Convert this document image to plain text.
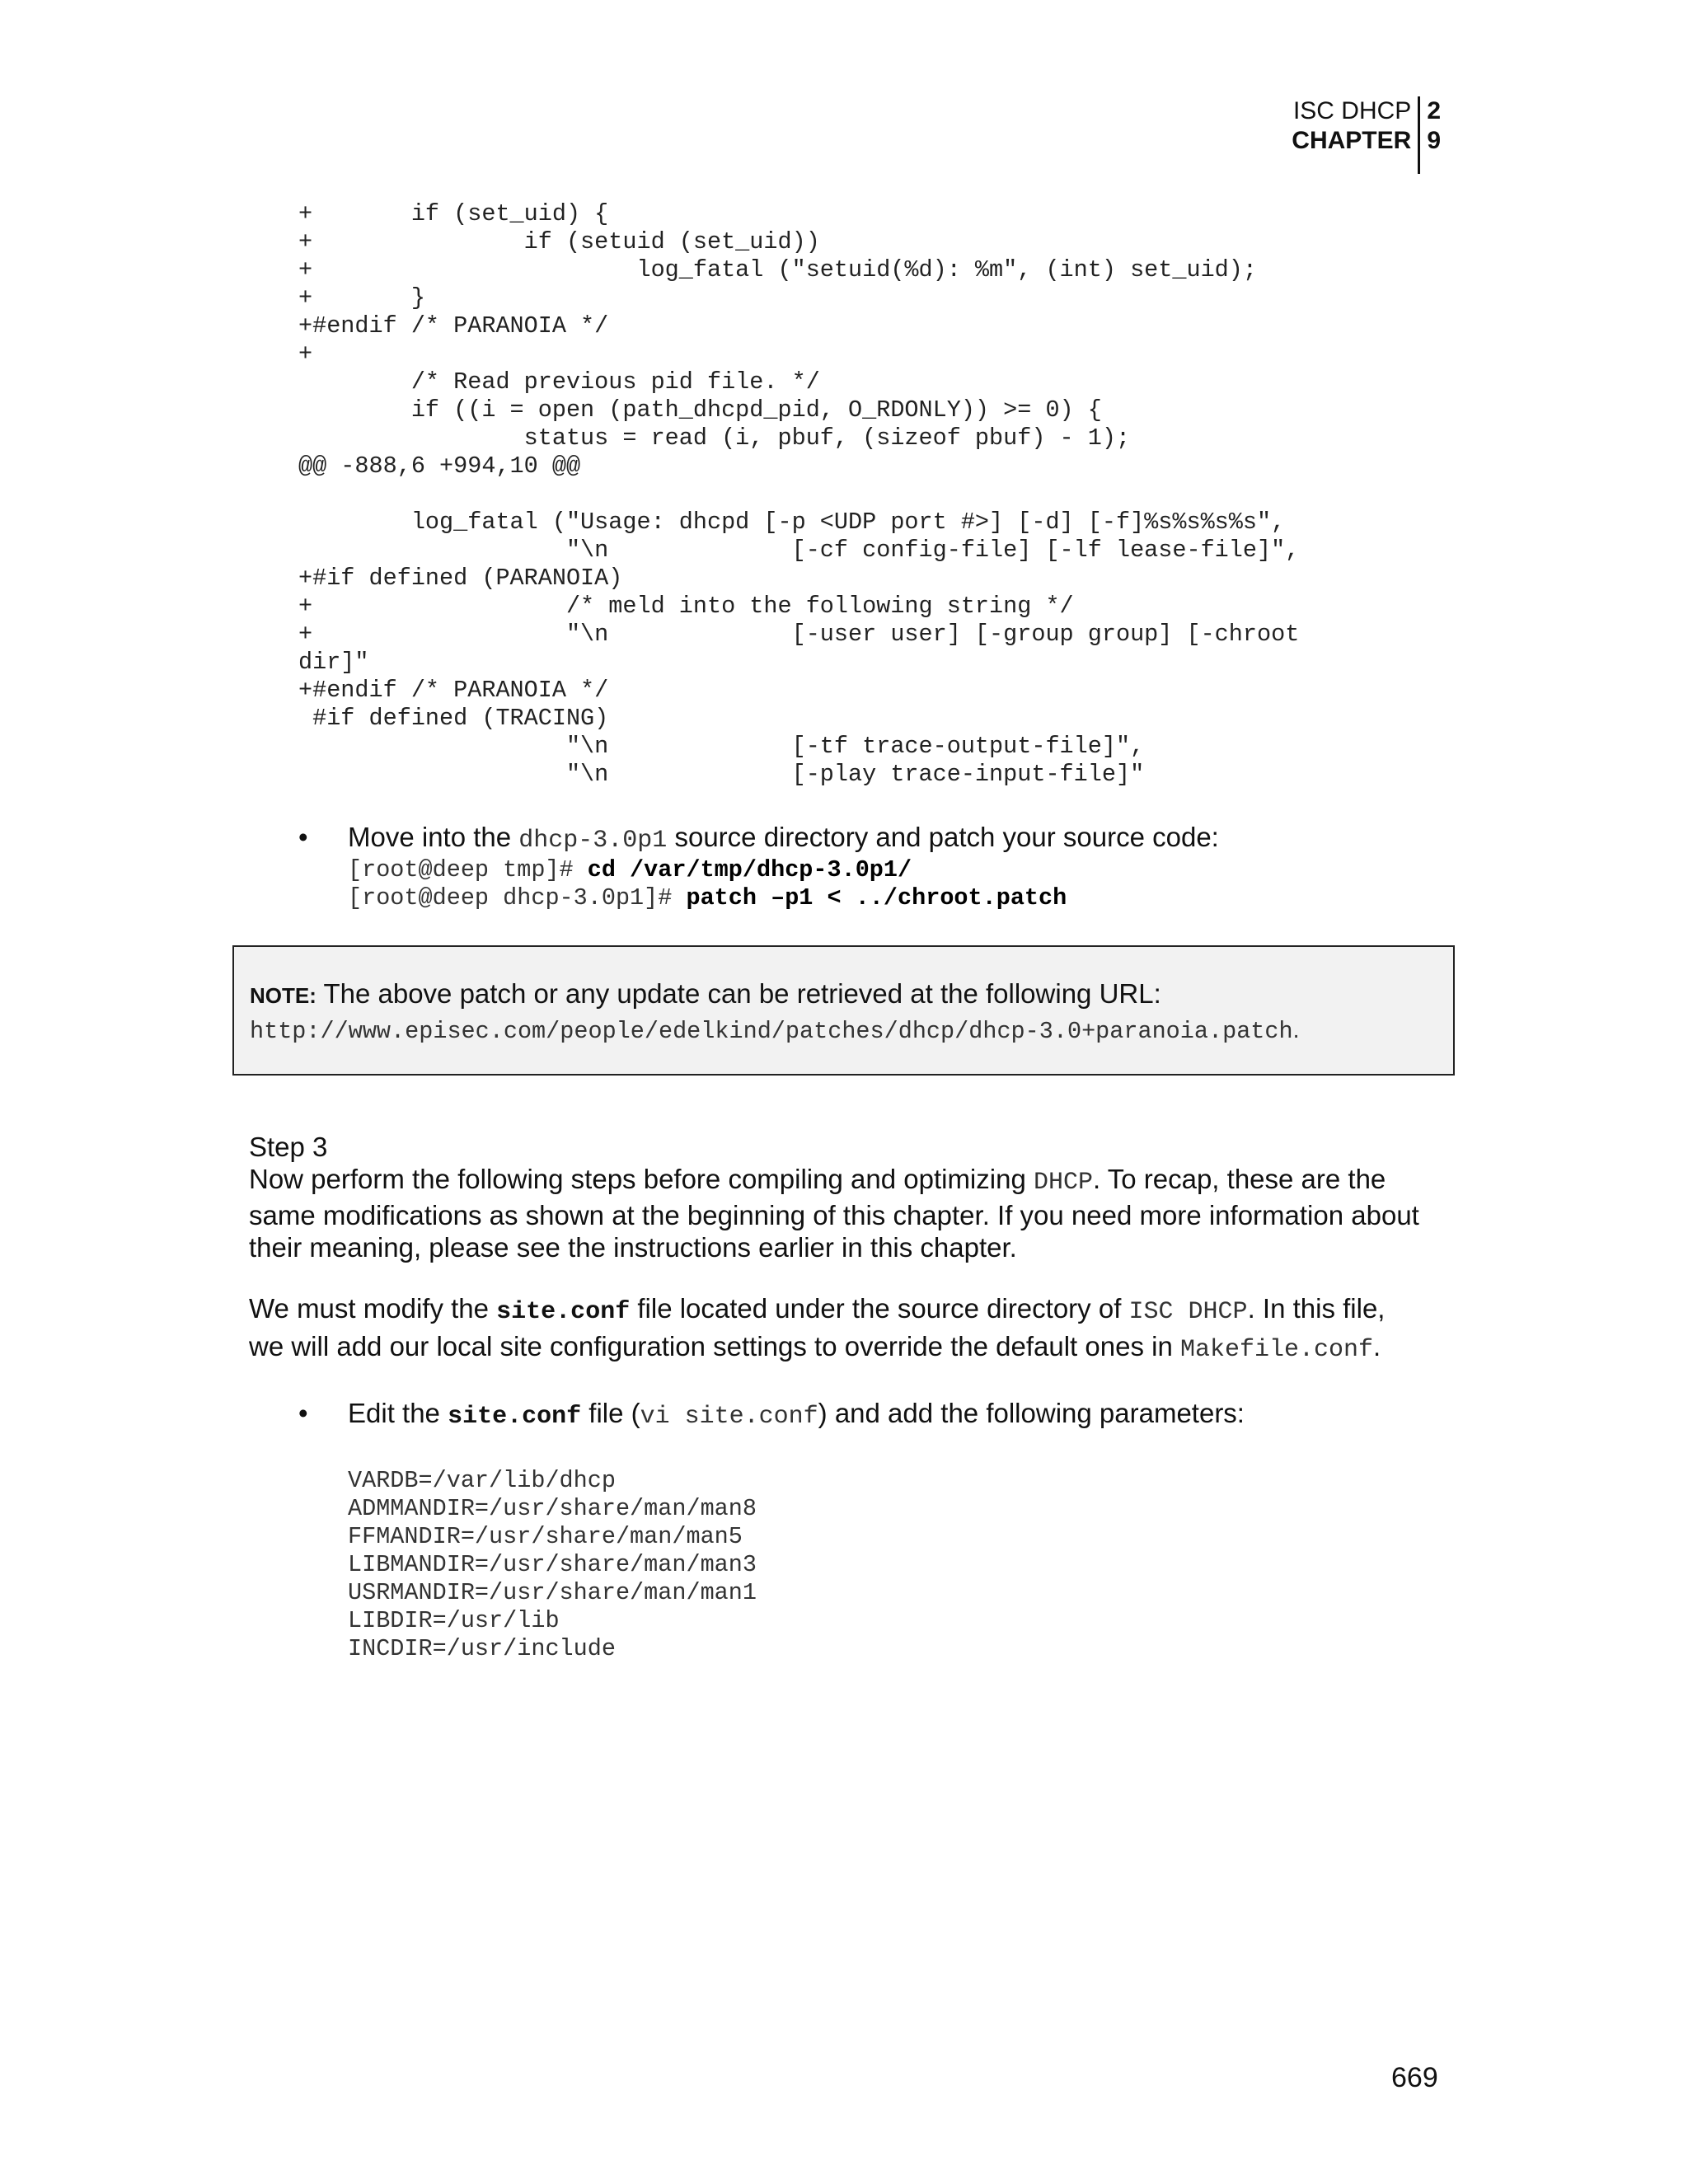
ISC DHCP
CHAPTER
2
9
+       if (set_uid) {
+               if (setuid (set_uid))
+                       log_fatal ("setuid(%d): %m", (int) set_uid);
+       }
+#endif /* PARANOIA */
+
/* Read previous pid file. */
if ((i = open (path_dhcpd_pid, O_RDONLY)) >= 0) {
status = read (i, pbuf, (sizeof pbuf) - 1);
@@ -888,6 +994,10 @@

log_fatal ("Usage: dhcpd [-p <UDP port #>] [-d] [-f]%s%s%s%s",
"\n             [-cf config-file] [-lf lease-file]",
+#if defined (PARANOIA)
+                  /* meld into the following string */
+                  "\n             [-user user] [-group group] [-chroot
dir]"
+#endif /* PARANOIA */
#if defined (TRACING)
"\n             [-tf trace-output-file]",
"\n             [-play trace-input-file]"
• Move into the dhcp-3.0p1 source directory and patch your source code:
[root@deep tmp]# cd /var/tmp/dhcp-3.0p1/
[root@deep dhcp-3.0p1]# patch –p1 < ../chroot.patch
NOTE: The above patch or any update can be retrieved at the following URL:
http://www.episec.com/people/edelkind/patches/dhcp/dhcp-3.0+paranoia.patch.
Step 3
Now perform the following steps before compiling and optimizing DHCP. To recap, these are the
same modifications as shown at the beginning of this chapter. If you need more information about
their meaning, please see the instructions earlier in this chapter.
We must modify the site.conf file located under the source directory of ISC DHCP. In this file,
we will add our local site configuration settings to override the default ones in Makefile.conf.
• Edit the site.conf file (vi site.conf) and add the following parameters:
VARDB=/var/lib/dhcp
ADMMANDIR=/usr/share/man/man8
FFMANDIR=/usr/share/man/man5
LIBMANDIR=/usr/share/man/man3
USRMANDIR=/usr/share/man/man1
LIBDIR=/usr/lib
INCDIR=/usr/include
669
